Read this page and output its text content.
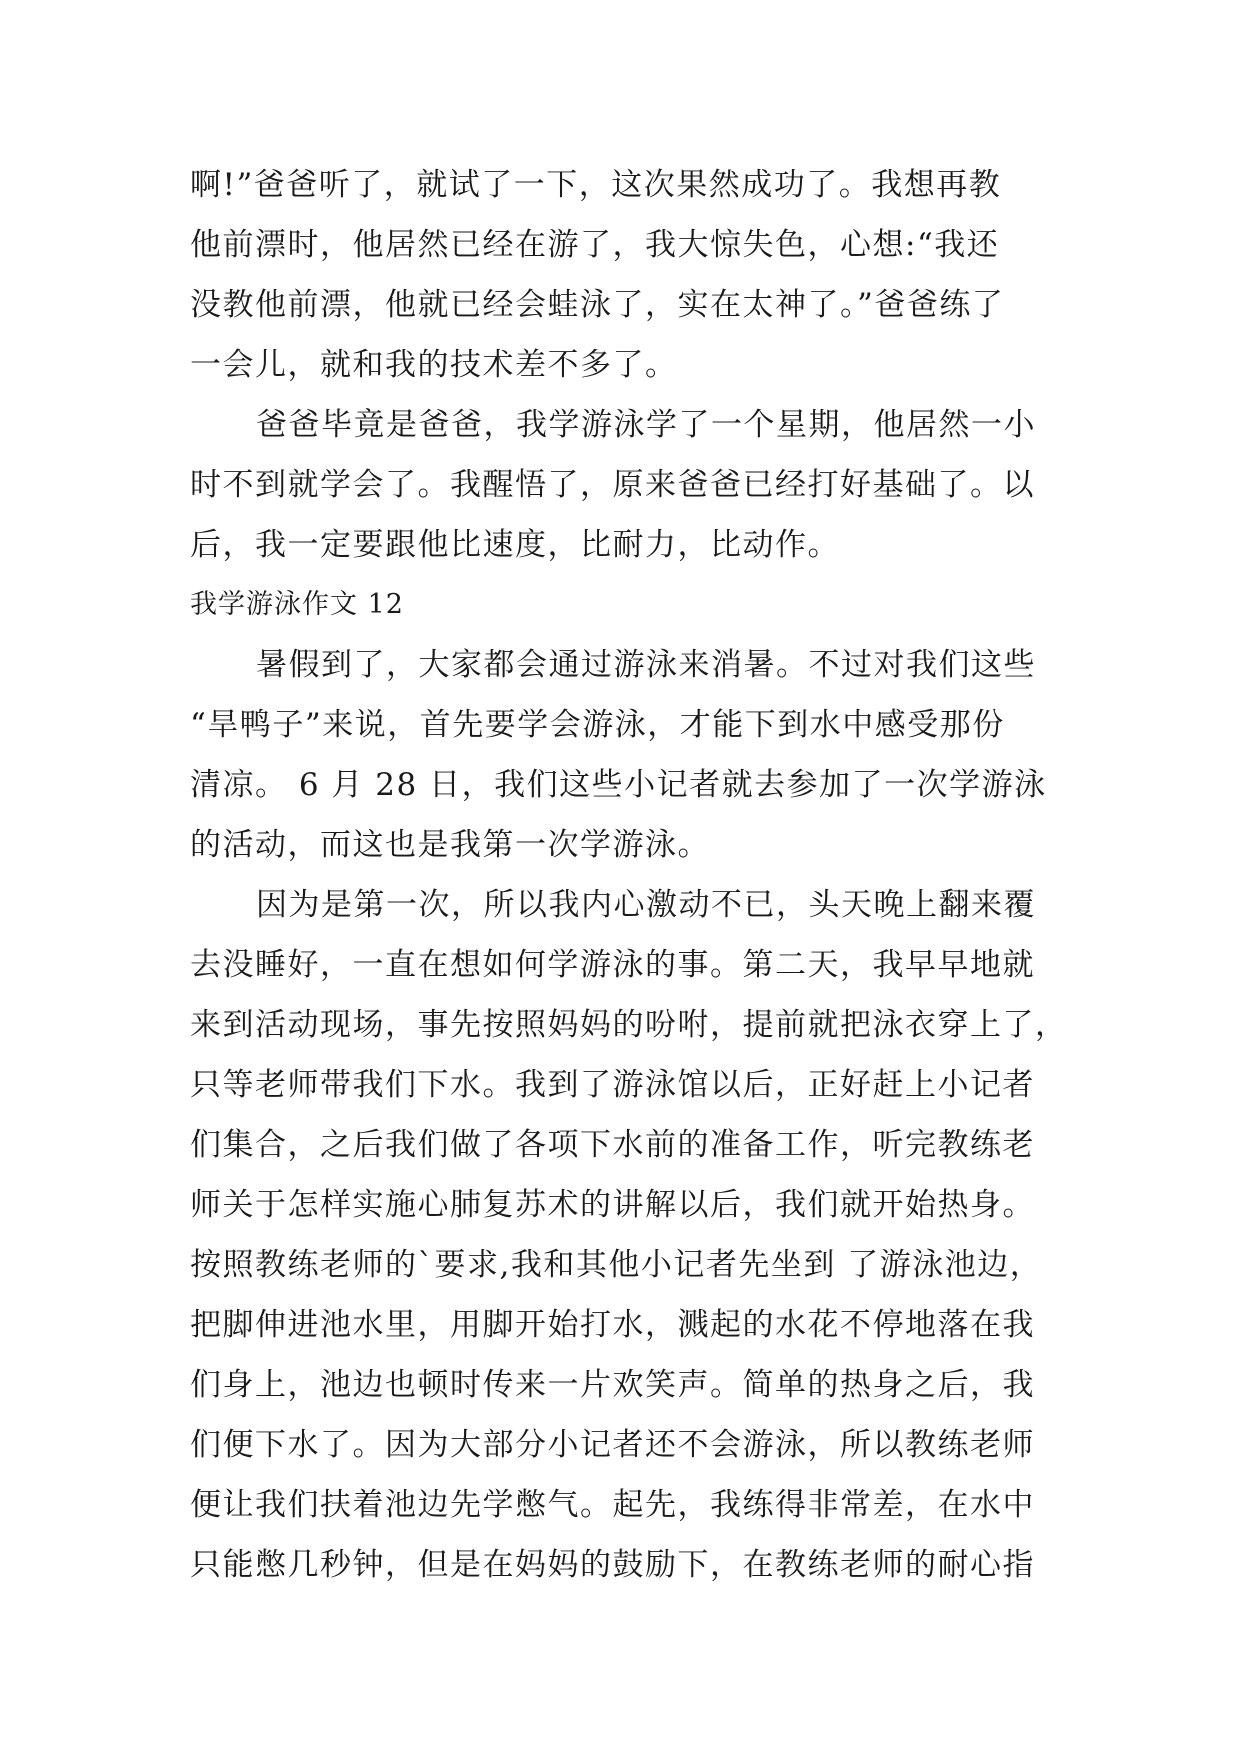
啊!”爸爸听了，就试了一下，这次果然成功了。我想再教
他前漂时，他居然已经在游了，我大惊失色，心想:“我还
没教他前漂，他就已经会蛙泳了，实在太神了。”爸爸练了
一会儿，就和我的技术差不多了。
爸爸毕竟是爸爸，我学游泳学了一个星期，他居然一小
时不到就学会了。我醒悟了，原来爸爸已经打好基础了。以
后，我一定要跟他比速度，比耐力，比动作。
我学游泳作文 12
暑假到了，大家都会通过游泳来消暑。不过对我们这些
“旱鸭子”来说，首先要学会游泳，才能下到水中感受那份
清凉。 6 月 28 日，我们这些小记者就去参加了一次学游泳
的活动，而这也是我第一次学游泳。
因为是第一次，所以我内心激动不已，头天晚上翻来覆
去没睡好，一直在想如何学游泳的事。第二天，我早早地就
来到活动现场，事先按照妈妈的吩咐，提前就把泳衣穿上了，
只等老师带我们下水。我到了游泳馆以后，正好赶上小记者
们集合，之后我们做了各项下水前的准备工作，听完教练老
师关于怎样实施心肺复苏术的讲解以后，我们就开始热身。
按照教练老师的`要求,我和其他小记者先坐到 了游泳池边，
把脚伸进池水里，用脚开始打水，溅起的水花不停地落在我
们身上，池边也顿时传来一片欢笑声。简单的热身之后，我
们便下水了。因为大部分小记者还不会游泳，所以教练老师
便让我们扶着池边先学憋气。起先，我练得非常差，在水中
只能憋几秒钟，但是在妈妈的鼓励下，在教练老师的耐心指
